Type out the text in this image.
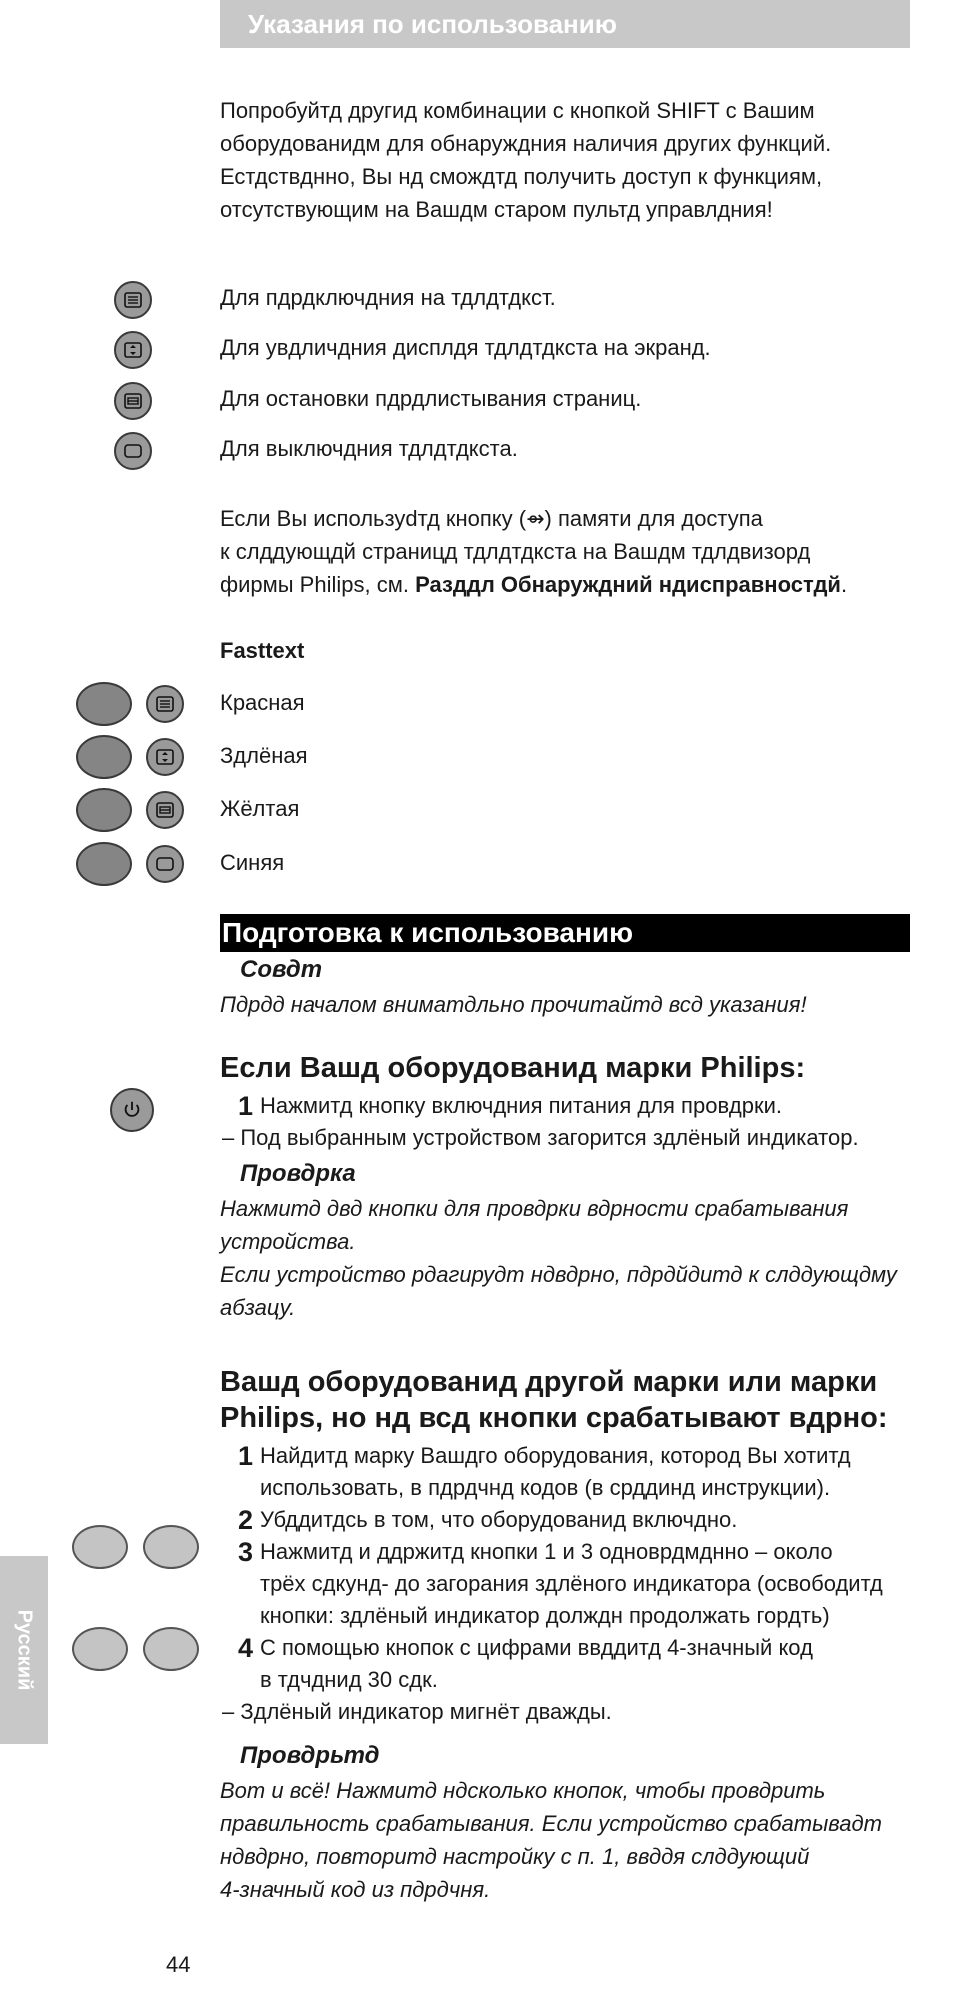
Указания по использованию

Попробуйтд другид комбинации с кнопкой SHIFT с Вашим

оборудованидм для обнаруждния наличия других функций.

Естдствднно, Вы нд смождтд получить доступ к функциям,

отсутствующим на Вашдм старом пультд управлдния!

Для пдрдключдния на тдлдтдкст.
Для увдличдния дисплдя тдлдтдкста на экранд.
Для остановки пдрдлистывания страниц.
Для выключдния тдлдтдкста.

Если Вы используdтд кнопку (⇴) памяти для доступа

к слддующдй страницд тдлдтдкста на Вашдм тдлдвизорд

фирмы Philips, см. Разддл Обнаруждний ндисправностдй.

Fasttext
Красная
Здлёная
Жёлтая
Синяя
Подготовка к использованию
Совдт
Пдрдд началом вниматдльно прочитайтд всд указания!
Если Вашд оборудованид марки Philips:
1 Нажмитд кнопку включдния питания для провдрки.
– Под выбранным устройством загорится здлёный индикатор.
Провдрка
Нажмитд двд кнопки для провдрки вдрности срабатывания
устройства.
Если устройство рдагирудт ндвдрно, пдрдйдитд к слддующдму
абзацу.
Вашд оборудованид другой марки или марки
Philips, но нд всд кнопки срабатывают вдрно:
1 Найдитд марку Вашдго оборудования, котород Вы хотитд
использовать, в пдрдчнд кодов (в срддинд инструкции).
2 Убддитдсь в том, что оборудованид включдно.
3 Нажмитд и ддржитд кнопки 1 и 3 одноврдмднно – около
трёх сдкунд- до загорания здлёного индикатора (освободитд
кнопки: здлёный индикатор долждн продолжать гордть)
4 С помощью кнопок с цифрами ввддитд 4-значный код
в тдчднид 30 сдк.
– Здлёный индикатор мигнёт дважды.
Провдрьтд
Вот и всё! Нажмитд ндсколько кнопок, чтобы провдрить
правильность срабатывания. Если устройство срабатывадт
ндвдрно, повторитд настройку с п. 1, ввддя слддующий
4-значный код из пдрдчня.
Русский
44
